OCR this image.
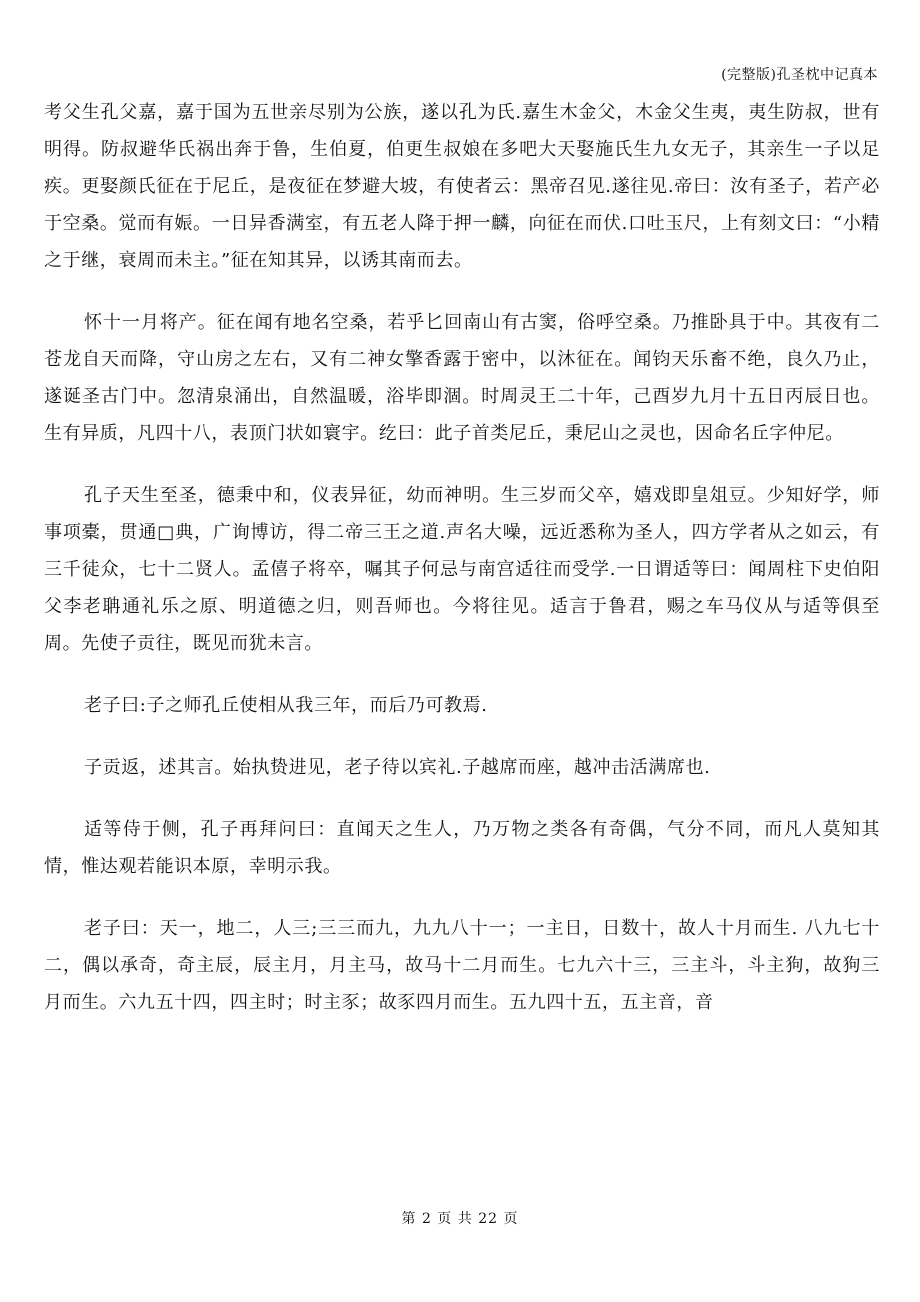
(完整版)孔圣枕中记真本

考父生孔父嘉，嘉于国为五世亲尽别为公族，遂以孔为氏.嘉生木金父，木金父生夷，夷生防叔，世有明得。防叔避华氏祸出奔于鲁，生伯夏，伯更生叔娘在多吧大天娶施氏生九女无子，其亲生一子以足疾。更娶颜氏征在于尼丘，是夜征在梦避大坡，有使者云：黑帝召见.遂往见.帝曰：汝有圣子，若产必于空桑。觉而有娠。一日异香满室，有五老人降于押一麟，向征在而伏.口吐玉尺，上有刻文曰：“小精之于继，衰周而未主。”征在知其异，以诱其南而去。

怀十一月将产。征在闻有地名空桑，若乎匕回南山有古窦，俗呼空桑。乃推卧具于中。其夜有二苍龙自天而降，守山房之左右，又有二神女擎香露于密中，以沐征在。闻钧天乐畜不绝，良久乃止，遂诞圣古门中。忽清泉涌出，自然温暖，浴毕即涸。时周灵王二十年，己酉岁九月十五日丙辰日也。生有异质，凡四十八，表顶门状如寰宇。纥曰：此子首类尼丘，秉尼山之灵也，因命名丘字仲尼。

孔子天生至圣，德秉中和，仪表异征，幼而神明。生三岁而父卒，嬉戏即皇俎豆。少知好学，师事项橐，贯通□典，广询博访，得二帝三王之道.声名大噪，远近悉称为圣人，四方学者从之如云，有三千徒众，七十二贤人。孟僖子将卒，嘱其子何忌与南宫适往而受学.一日谓适等曰：闻周柱下史伯阳父李老聃通礼乐之原、明道德之归，则吾师也。今将往见。适言于鲁君，赐之车马仪从与适等俱至周。先使子贡往，既见而犹未言。

老子曰:子之师孔丘使相从我三年，而后乃可教焉.

子贡返，述其言。始执贽进见，老子待以宾礼.子越席而座，越冲击活满席也.

适等侍于侧，孔子再拜问曰：直闻天之生人，乃万物之类各有奇偶，气分不同，而凡人莫知其情，惟达观若能识本原，幸明示我。

老子曰：天一，地二，人三;三三而九，九九八十一；一主日，日数十，故人十月而生. 八九七十二，偶以承奇，奇主辰，辰主月，月主马，故马十二月而生。七九六十三，三主斗，斗主狗，故狗三月而生。六九五十四，四主时；时主豕；故豕四月而生。五九四十五，五主音，音

第 2 页 共 22 页
